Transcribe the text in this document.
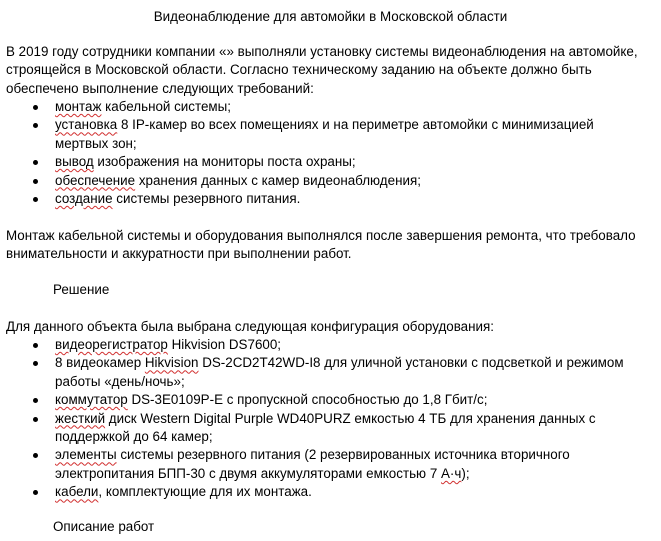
Видеонаблюдение для автомойки в Московской области

В 2019 году сотрудники компании «» выполняли установку системы видеонаблюдения на автомойке, строящейся в Московской области. Согласно техническому заданию на объекте должно быть обеспечено выполнение следующих требований:

монтаж кабельной системы;
установка 8 IP-камер во всех помещениях и на периметре автомойки с минимизацией мертвых зон;
вывод изображения на мониторы поста охраны;
обеспечение хранения данных с камер видеонаблюдения;
создание системы резервного питания.

Монтаж кабельной системы и оборудования выполнялся после завершения ремонта, что требовало внимательности и аккуратности при выполнении работ.

Решение

Для данного объекта была выбрана следующая конфигурация оборудования:

видеорегистратор Hikvision DS7600;
8 видеокамер Hikvision DS-2CD2T42WD-I8 для уличной установки с подсветкой и режимом работы «день/ночь»;
коммутатор DS-3E0109P-E с пропускной способностью до 1,8 Гбит/с;
жесткий диск Western Digital Purple WD40PURZ емкостью 4 ТБ для хранения данных с поддержкой до 64 камер;
элементы системы резервного питания (2 резервированных источника вторичного электропитания БПП-30 с двумя аккумуляторами емкостью 7 А·ч);
кабели, комплектующие для их монтажа.
Описание работ
